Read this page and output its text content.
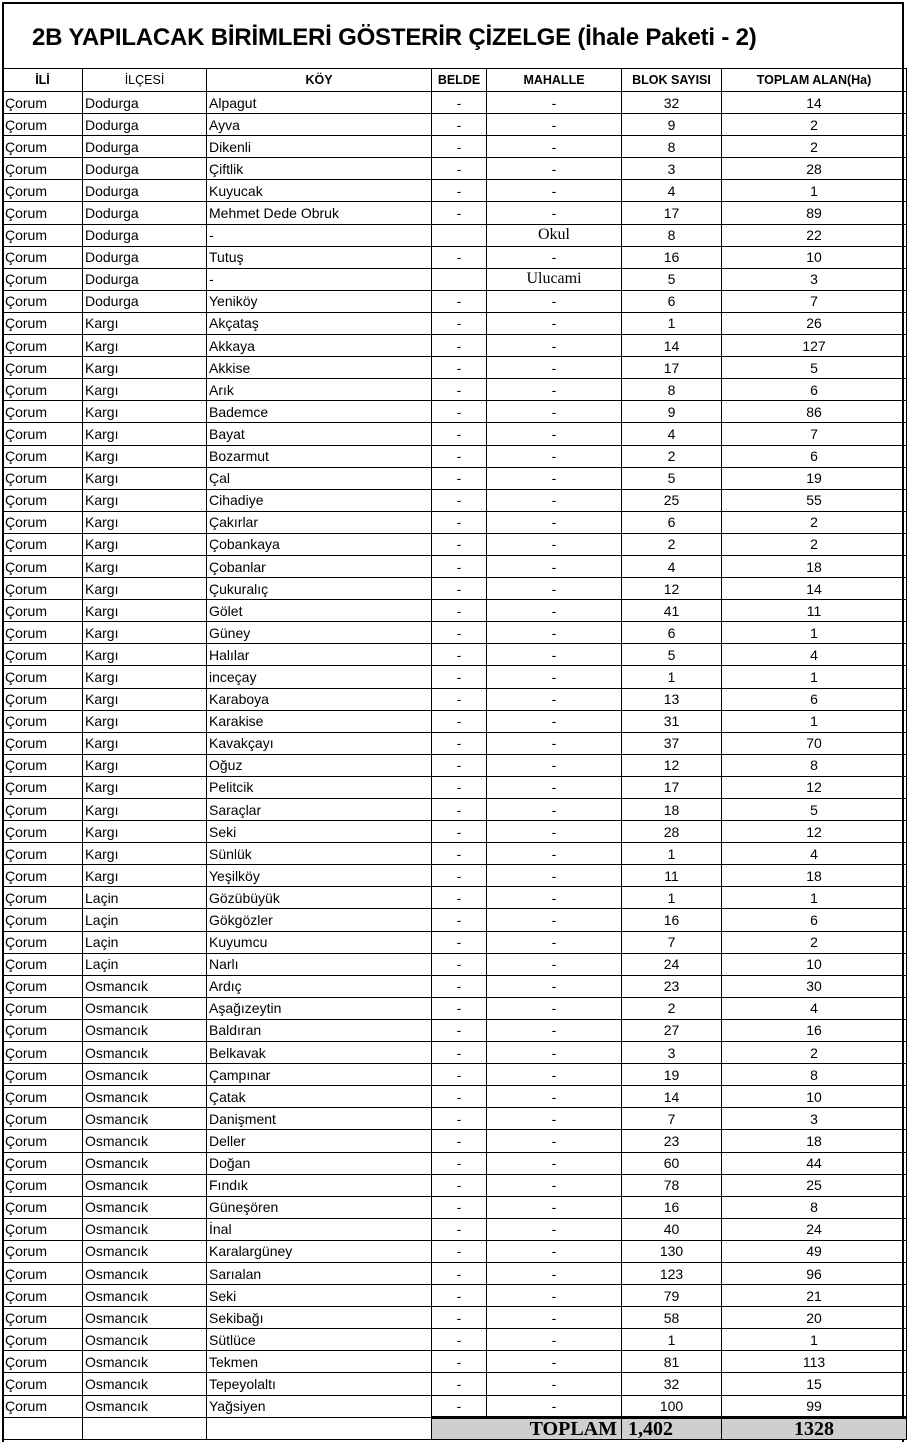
2B YAPILACAK BİRİMLERİ GÖSTERİR ÇİZELGE (İhale Paketi - 2)
İLİ	İLÇESİ	KÖY	BELDE	MAHALLE	BLOK SAYISI	TOPLAM ALAN(Ha)
Çorum	Dodurga	Alpagut	-	-	32	14
Çorum	Dodurga	Ayva	-	-	9	2
Çorum	Dodurga	Dikenli	-	-	8	2
Çorum	Dodurga	Çiftlik	-	-	3	28
Çorum	Dodurga	Kuyucak	-	-	4	1
Çorum	Dodurga	Mehmet Dede Obruk	-	-	17	89
Çorum	Dodurga	-		Okul	8	22
Çorum	Dodurga	Tutuş	-	-	16	10
Çorum	Dodurga	-		Ulucami	5	3
Çorum	Dodurga	Yeniköy	-	-	6	7
Çorum	Kargı	Akçataş	-	-	1	26
Çorum	Kargı	Akkaya	-	-	14	127
Çorum	Kargı	Akkise	-	-	17	5
Çorum	Kargı	Arık	-	-	8	6
Çorum	Kargı	Bademce	-	-	9	86
Çorum	Kargı	Bayat	-	-	4	7
Çorum	Kargı	Bozarmut	-	-	2	6
Çorum	Kargı	Çal	-	-	5	19
Çorum	Kargı	Cihadiye	-	-	25	55
Çorum	Kargı	Çakırlar	-	-	6	2
Çorum	Kargı	Çobankaya	-	-	2	2
Çorum	Kargı	Çobanlar	-	-	4	18
Çorum	Kargı	Çukuralıç	-	-	12	14
Çorum	Kargı	Gölet	-	-	41	11
Çorum	Kargı	Güney	-	-	6	1
Çorum	Kargı	Halılar	-	-	5	4
Çorum	Kargı	inceçay	-	-	1	1
Çorum	Kargı	Karaboya	-	-	13	6
Çorum	Kargı	Karakise	-	-	31	1
Çorum	Kargı	Kavakçayı	-	-	37	70
Çorum	Kargı	Oğuz	-	-	12	8
Çorum	Kargı	Pelitcik	-	-	17	12
Çorum	Kargı	Saraçlar	-	-	18	5
Çorum	Kargı	Seki	-	-	28	12
Çorum	Kargı	Sünlük	-	-	1	4
Çorum	Kargı	Yeşilköy	-	-	11	18
Çorum	Laçin	Gözübüyük	-	-	1	1
Çorum	Laçin	Gökgözler	-	-	16	6
Çorum	Laçin	Kuyumcu	-	-	7	2
Çorum	Laçin	Narlı	-	-	24	10
Çorum	Osmancık	Ardıç	-	-	23	30
Çorum	Osmancık	Aşağızeytin	-	-	2	4
Çorum	Osmancık	Baldıran	-	-	27	16
Çorum	Osmancık	Belkavak	-	-	3	2
Çorum	Osmancık	Çampınar	-	-	19	8
Çorum	Osmancık	Çatak	-	-	14	10
Çorum	Osmancık	Danişment	-	-	7	3
Çorum	Osmancık	Deller	-	-	23	18
Çorum	Osmancık	Doğan	-	-	60	44
Çorum	Osmancık	Fındık	-	-	78	25
Çorum	Osmancık	Güneşören	-	-	16	8
Çorum	Osmancık	İnal	-	-	40	24
Çorum	Osmancık	Karalargüney	-	-	130	49
Çorum	Osmancık	Sarıalan	-	-	123	96
Çorum	Osmancık	Seki	-	-	79	21
Çorum	Osmancık	Sekibağı	-	-	58	20
Çorum	Osmancık	Sütlüce	-	-	1	1
Çorum	Osmancık	Tekmen	-	-	81	113
Çorum	Osmancık	Tepeyolaltı	-	-	32	15
Çorum	Osmancık	Yağsiyen	-	-	100	99
			TOPLAM		1,402	1328
